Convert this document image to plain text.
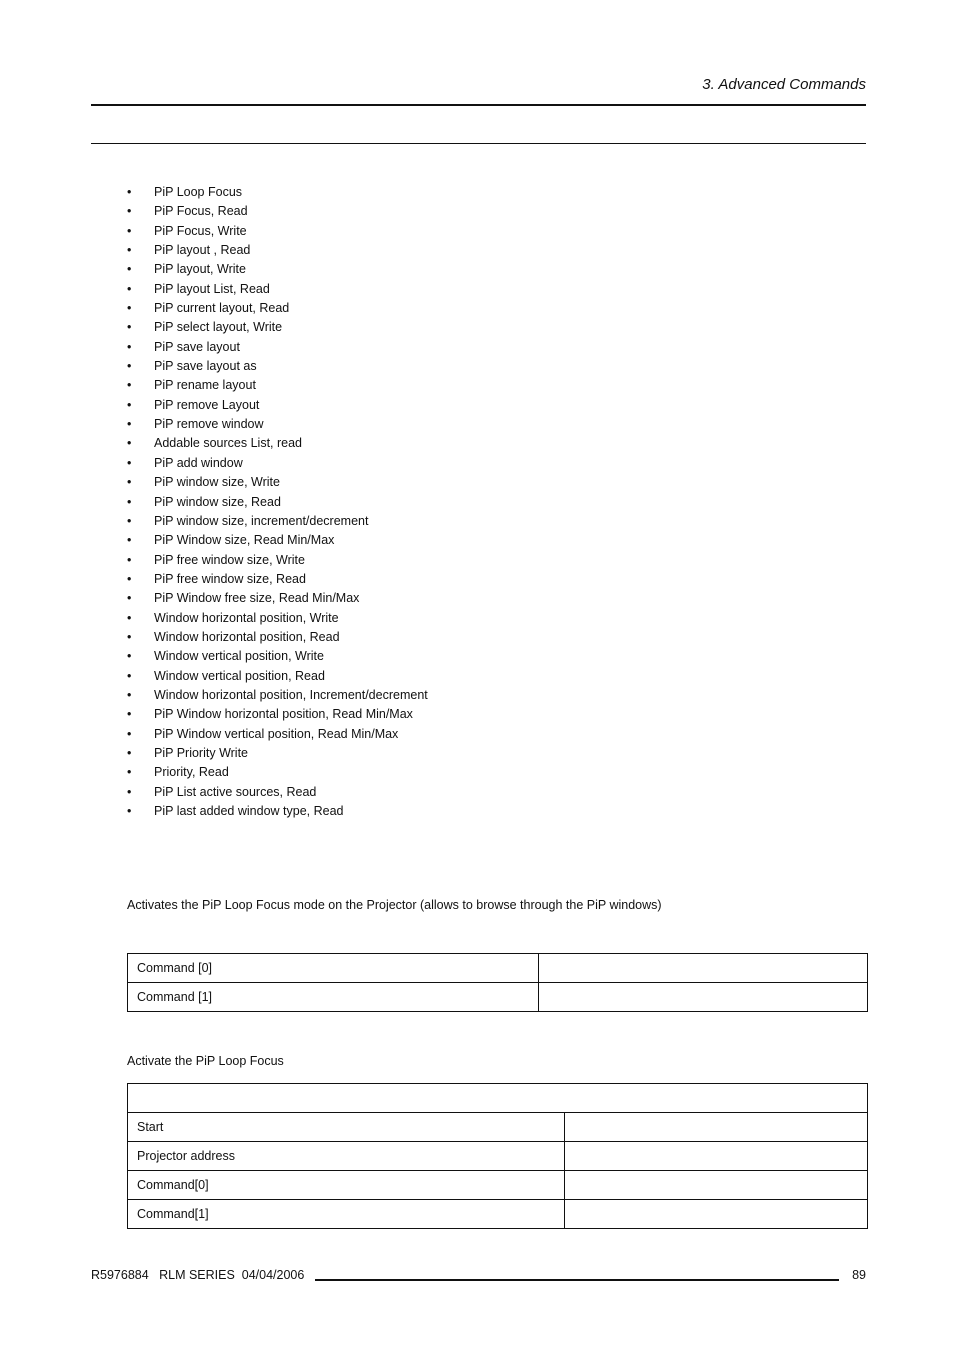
3. Advanced Commands
• PiP Loop Focus
• PiP Focus, Read
• PiP Focus, Write
• PiP layout , Read
• PiP layout, Write
• PiP layout List, Read
• PiP current layout, Read
• PiP select layout, Write
• PiP save layout
• PiP save layout as
• PiP rename layout
• PiP remove Layout
• PiP remove window
• Addable sources List, read
• PiP add window
• PiP window size, Write
• PiP window size, Read
• PiP window size, increment/decrement
• PiP Window size, Read Min/Max
• PiP free window size, Write
• PiP free window size, Read
• PiP Window free size, Read Min/Max
• Window horizontal position, Write
• Window horizontal position, Read
• Window vertical position, Write
• Window vertical position, Read
• Window horizontal position, Increment/decrement
• PiP Window horizontal position, Read Min/Max
• PiP Window vertical position, Read Min/Max
• PiP Priority Write
• Priority, Read
• PiP List active sources, Read
• PiP last added window type, Read

Activates the PiP Loop Focus mode on the Projector (allows to browse through the PiP windows)

Command [0]	
Command [1]	

Activate the PiP Loop Focus

Start	
Projector address	
Command[0]	
Command[1]	
R5976884   RLM SERIES  04/04/2006	89
